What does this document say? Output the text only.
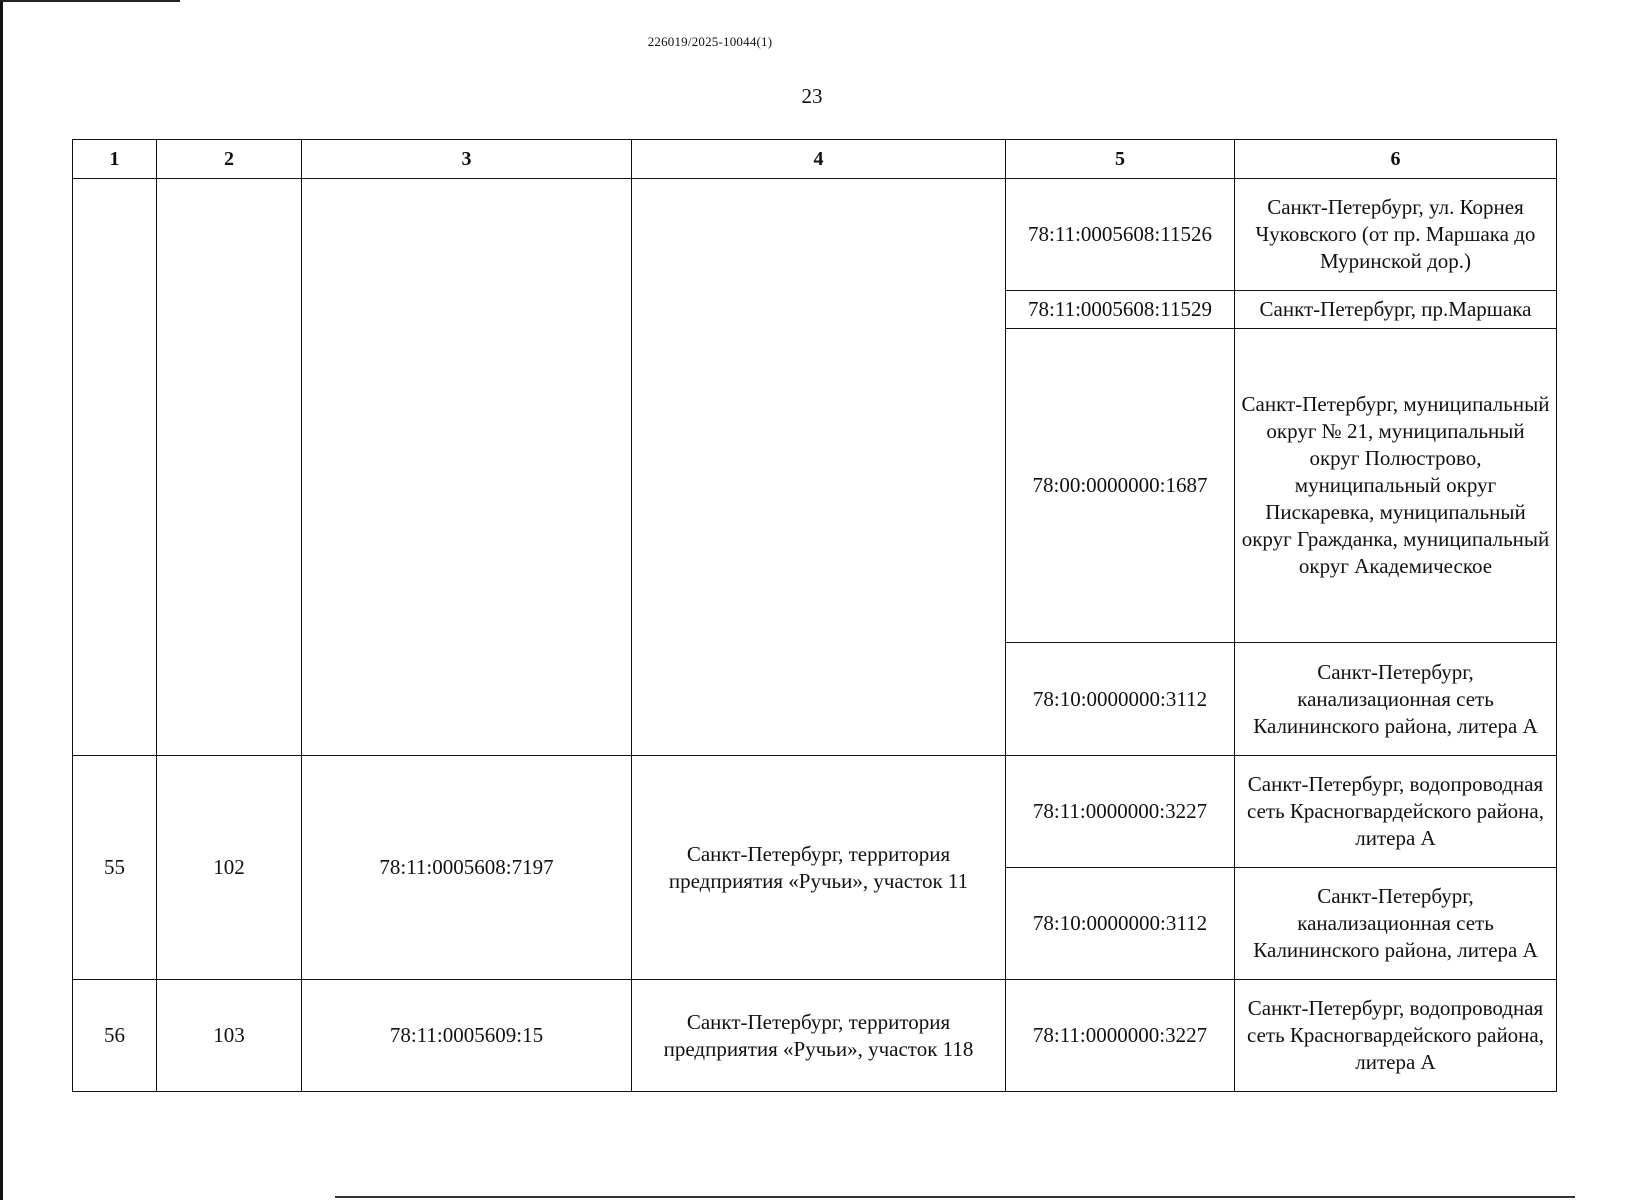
226019/2025-10044(1)
23
1	2	3	4	5	6
				78:11:0005608:11526	Санкт-Петербург, ул. Корнея Чуковского (от пр. Маршака до Муринской дор.)
				78:11:0005608:11529	Санкт-Петербург, пр.Маршака
				78:00:0000000:1687	Санкт-Петербург, муниципальный округ № 21, муниципальный округ Полюстрово, муниципальный округ Пискаревка, муниципальный округ Гражданка, муниципальный округ Академическое
				78:10:0000000:3112	Санкт-Петербург, канализационная сеть Калининского района, литера А
55	102	78:11:0005608:7197	Санкт-Петербург, территория предприятия «Ручьи», участок 11	78:11:0000000:3227	Санкт-Петербург, водопроводная сеть Красногвардейского района, литера А
				78:10:0000000:3112	Санкт-Петербург, канализационная сеть Калининского района, литера А
56	103	78:11:0005609:15	Санкт-Петербург, территория предприятия «Ручьи», участок 118	78:11:0000000:3227	Санкт-Петербург, водопроводная сеть Красногвардейского района, литера А
